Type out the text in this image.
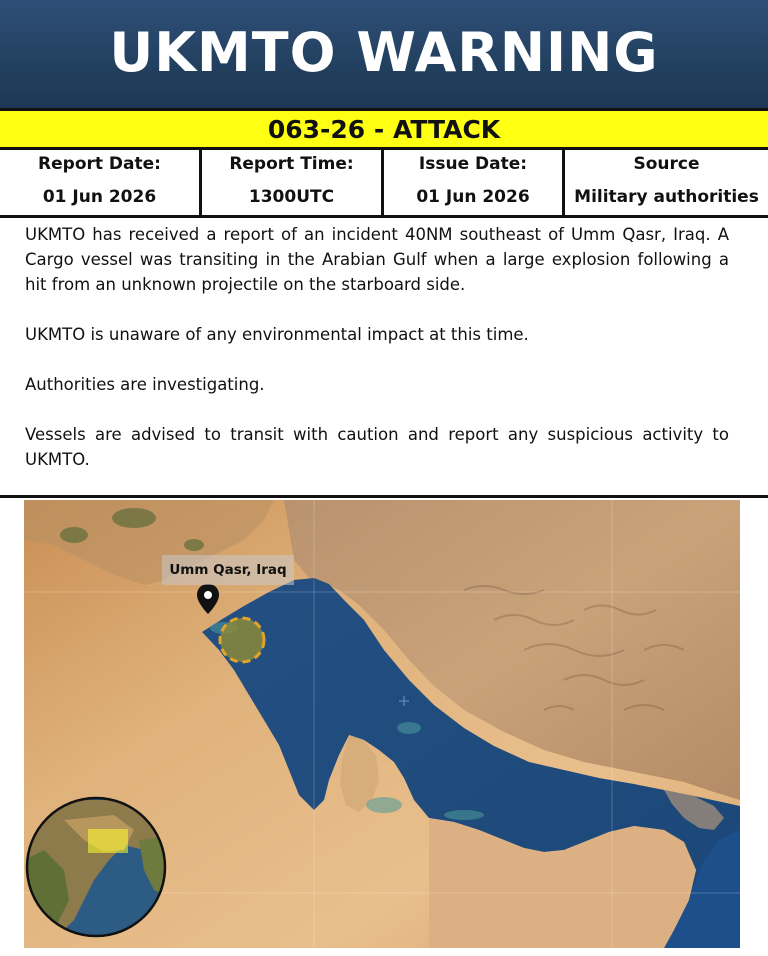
UKMTO WARNING
063-26 - ATTACK
Report Date:
01 Jun 2026
Report Time:
1300UTC
Issue Date:
01 Jun 2026
Source
Military authorities

UKMTO has received a report of an incident 40NM southeast of Umm Qasr, Iraq. A Cargo vessel was transiting in the Arabian Gulf when a large explosion following a hit from an unknown projectile on the starboard side.

UKMTO is unaware of any environmental impact at this time.

Authorities are investigating.

Vessels are advised to transit with caution and report any suspicious activity to UKMTO.

Umm Qasr, Iraq
